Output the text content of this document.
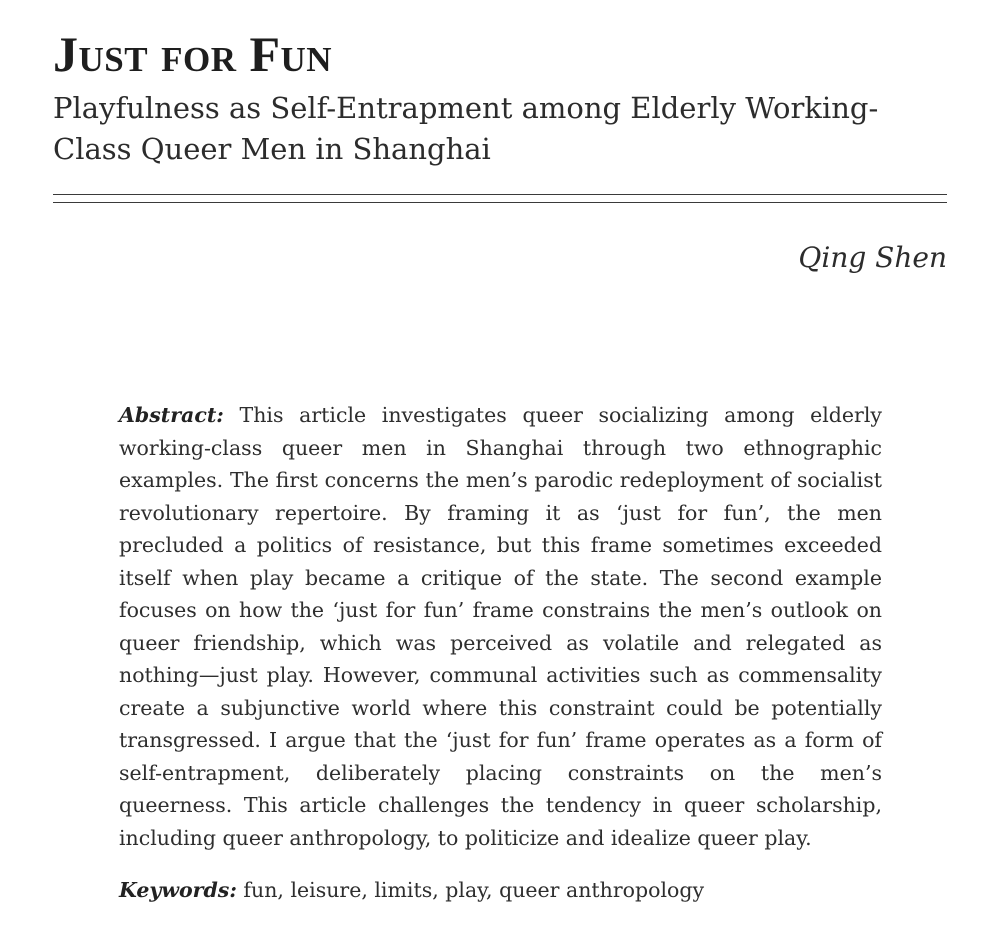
Just for Fun
Playfulness as Self-Entrapment among Elderly Working-Class Queer Men in Shanghai

Qing Shen

Abstract: This article investigates queer socializing among elderly working-class queer men in Shanghai through two ethnographic examples. The first concerns the men’s parodic redeployment of socialist revolutionary repertoire. By framing it as ‘just for fun’, the men precluded a politics of resistance, but this frame sometimes exceeded itself when play became a critique of the state. The second example focuses on how the ‘just for fun’ frame constrains the men’s outlook on queer friendship, which was perceived as volatile and relegated as nothing—just play. However, communal activities such as commensality create a subjunctive world where this constraint could be potentially transgressed. I argue that the ‘just for fun’ frame operates as a form of self-entrapment, deliberately placing constraints on the men’s queerness. This article challenges the tendency in queer scholarship, including queer anthropology, to politicize and idealize queer play.

Keywords: fun, leisure, limits, play, queer anthropology
